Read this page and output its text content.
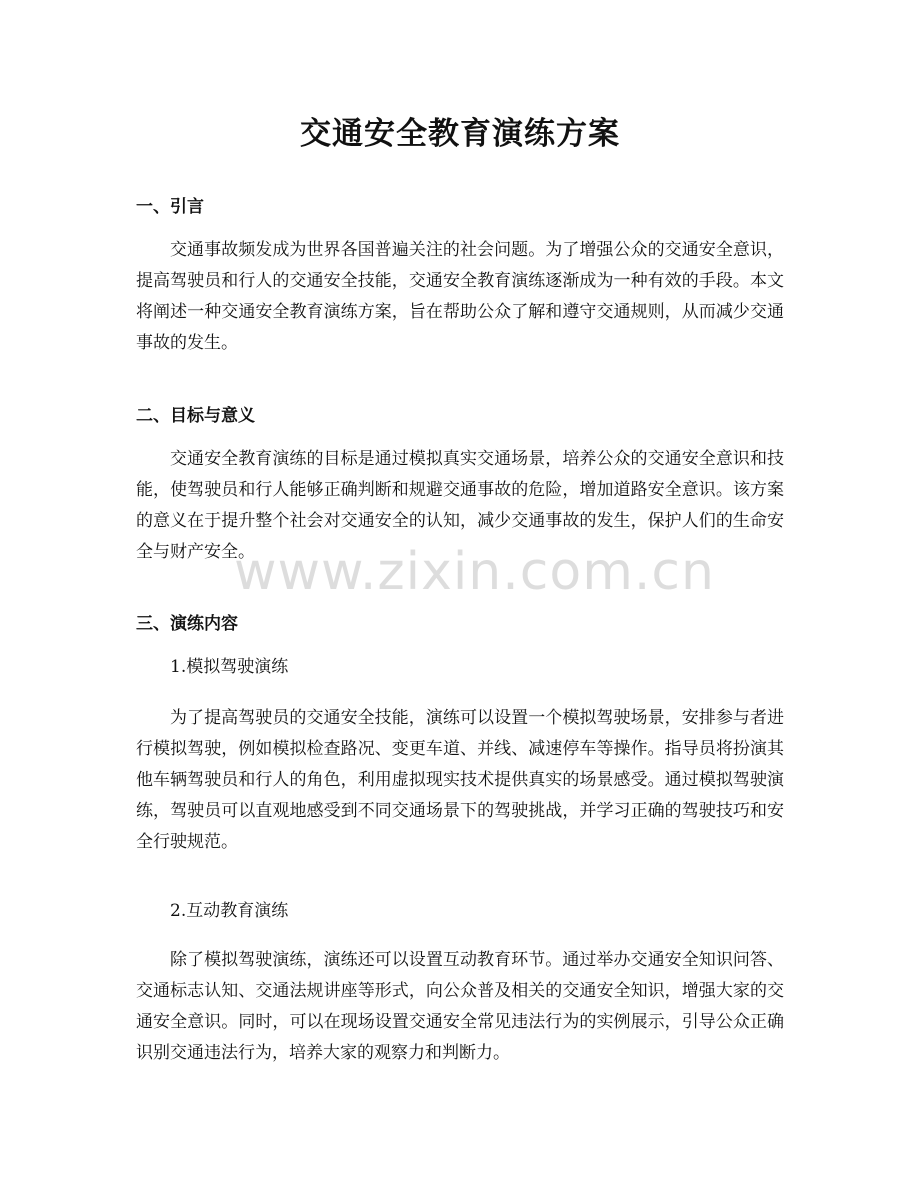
交通安全教育演练方案
一、引言

交通事故频发成为世界各国普遍关注的社会问题。为了增强公众的交通安全意识，提高驾驶员和行人的交通安全技能，交通安全教育演练逐渐成为一种有效的手段。本文将阐述一种交通安全教育演练方案，旨在帮助公众了解和遵守交通规则，从而减少交通事故的发生。

二、目标与意义

交通安全教育演练的目标是通过模拟真实交通场景，培养公众的交通安全意识和技能，使驾驶员和行人能够正确判断和规避交通事故的危险，增加道路安全意识。该方案的意义在于提升整个社会对交通安全的认知，减少交通事故的发生，保护人们的生命安全与财产安全。

三、演练内容

1.模拟驾驶演练

为了提高驾驶员的交通安全技能，演练可以设置一个模拟驾驶场景，安排参与者进行模拟驾驶，例如模拟检查路况、变更车道、并线、减速停车等操作。指导员将扮演其他车辆驾驶员和行人的角色，利用虚拟现实技术提供真实的场景感受。通过模拟驾驶演练，驾驶员可以直观地感受到不同交通场景下的驾驶挑战，并学习正确的驾驶技巧和安全行驶规范。

2.互动教育演练

除了模拟驾驶演练，演练还可以设置互动教育环节。通过举办交通安全知识问答、交通标志认知、交通法规讲座等形式，向公众普及相关的交通安全知识，增强大家的交通安全意识。同时，可以在现场设置交通安全常见违法行为的实例展示，引导公众正确识别交通违法行为，培养大家的观察力和判断力。

www.zixin.com.cn
